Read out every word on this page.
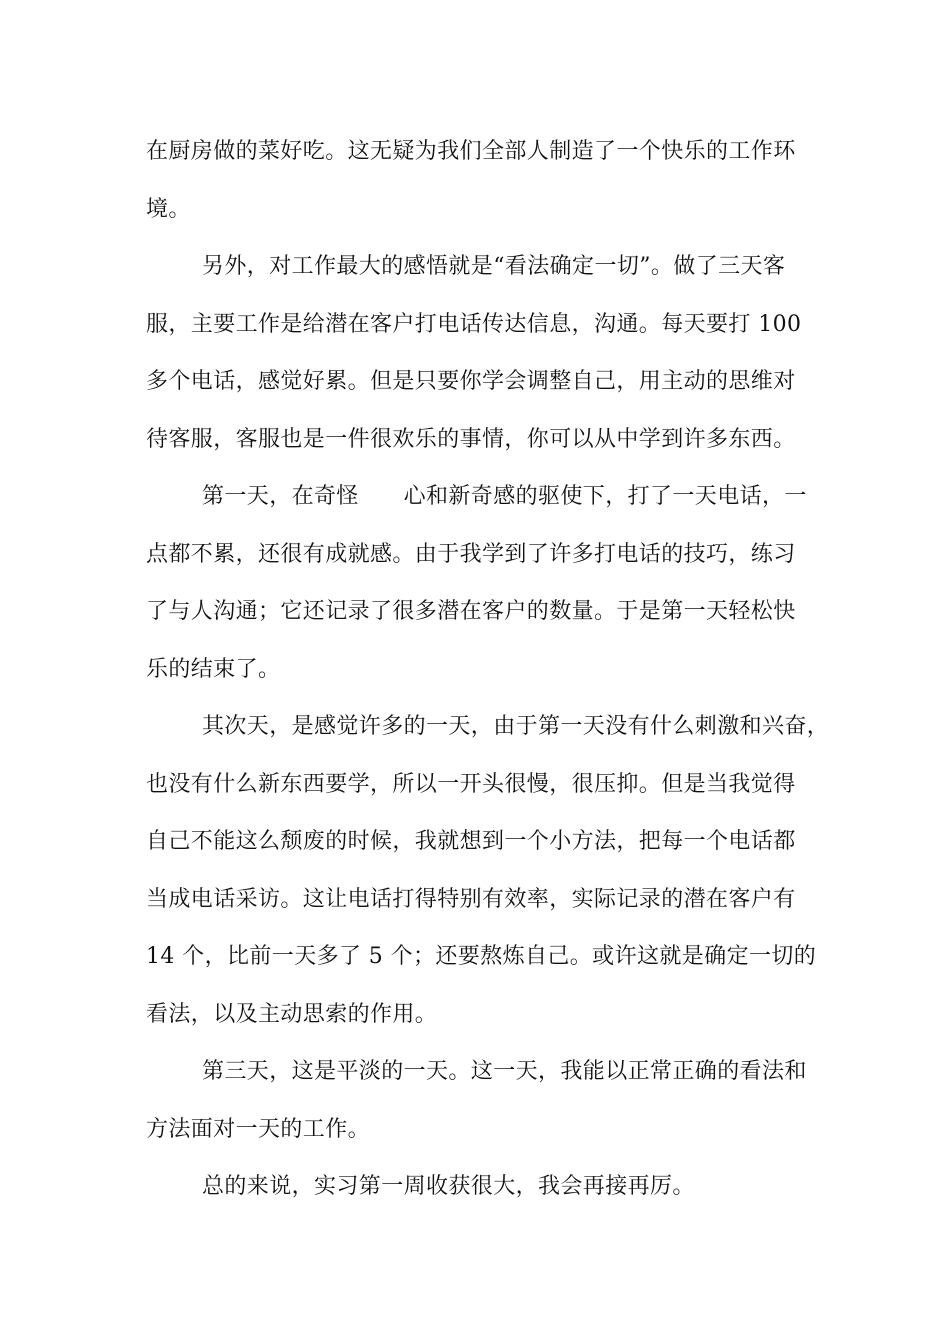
在厨房做的菜好吃。这无疑为我们全部人制造了一个快乐的工作环
境。
另外，对工作最大的感悟就是“看法确定一切”。做了三天客
服，主要工作是给潜在客户打电话传达信息，沟通。每天要打 100
多个电话，感觉好累。但是只要你学会调整自己，用主动的思维对
待客服，客服也是一件很欢乐的事情，你可以从中学到许多东西。
第一天，在奇怪　　心和新奇感的驱使下，打了一天电话，一
点都不累，还很有成就感。由于我学到了许多打电话的技巧，练习
了与人沟通；它还记录了很多潜在客户的数量。于是第一天轻松快
乐的结束了。
其次天，是感觉许多的一天，由于第一天没有什么刺激和兴奋，
也没有什么新东西要学，所以一开头很慢，很压抑。但是当我觉得
自己不能这么颓废的时候，我就想到一个小方法，把每一个电话都
当成电话采访。这让电话打得特别有效率，实际记录的潜在客户有
14 个，比前一天多了 5 个；还要熬炼自己。或许这就是确定一切的
看法，以及主动思索的作用。
第三天，这是平淡的一天。这一天，我能以正常正确的看法和
方法面对一天的工作。
总的来说，实习第一周收获很大，我会再接再厉。
